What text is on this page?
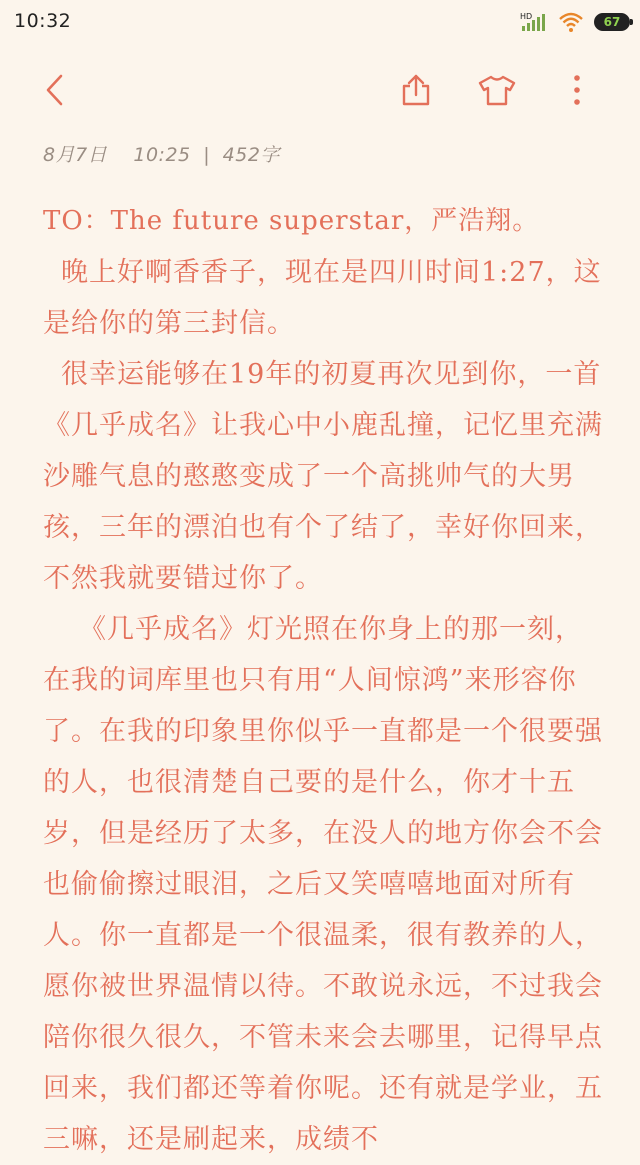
10:32	HD	67
8月7日 10:25 | 452字

TO：The future superstar，严浩翔。

晚上好啊香香子，现在是四川时间1:27，这是给你的第三封信。

很幸运能够在19年的初夏再次见到你，一首《几乎成名》让我心中小鹿乱撞，记忆里充满沙雕气息的憨憨变成了一个高挑帅气的大男孩，三年的漂泊也有个了结了，幸好你回来，不然我就要错过你了。

《几乎成名》灯光照在你身上的那一刻，在我的词库里也只有用“人间惊鸿”来形容你了。在我的印象里你似乎一直都是一个很要强的人，也很清楚自己要的是什么，你才十五岁，但是经历了太多，在没人的地方你会不会也偷偷擦过眼泪，之后又笑嘻嘻地面对所有人。你一直都是一个很温柔，很有教养的人，愿你被世界温情以待。不敢说永远，不过我会陪你很久很久，不管未来会去哪里，记得早点回来，我们都还等着你呢。还有就是学业，五三嘛，还是刷起来，成绩不
